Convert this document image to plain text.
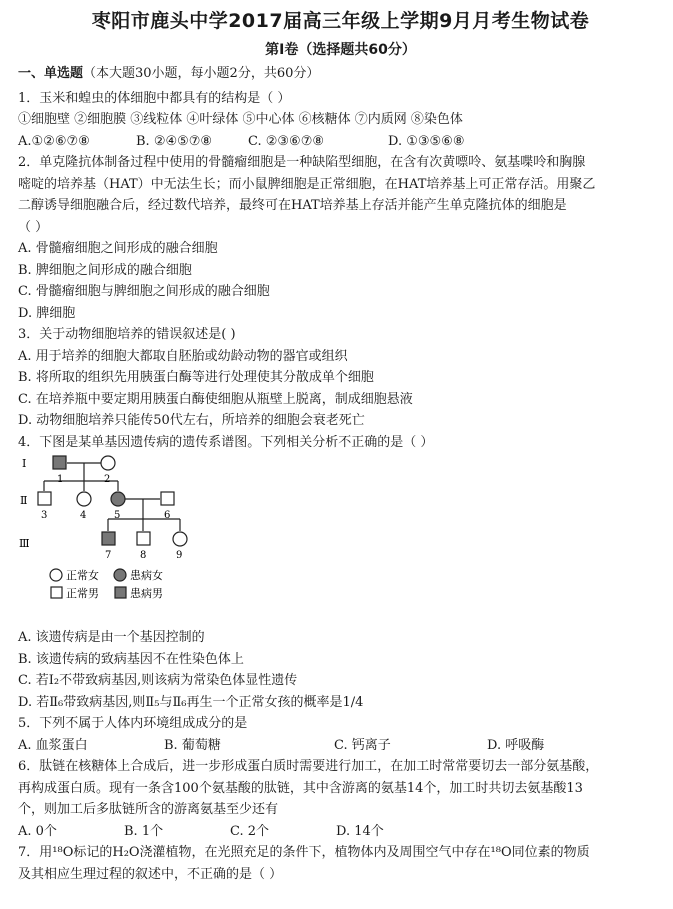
枣阳市鹿头中学2017届高三年级上学期9月月考生物试卷
第Ⅰ卷（选择题共60分）
一、单选题（本大题30小题，每小题2分，共60分）
1．玉米和蝗虫的体细胞中都具有的结构是（ ）
①细胞壁 ②细胞膜 ③线粒体 ④叶绿体 ⑤中心体 ⑥核糖体 ⑦内质网 ⑧染色体
A.①②⑥⑦⑧	B. ②④⑤⑦⑧	C. ②③⑥⑦⑧	D. ①③⑤⑥⑧
2．单克隆抗体制备过程中使用的骨髓瘤细胞是一种缺陷型细胞，在含有次黄嘌呤、氨基喋呤和胸腺
嘧啶的培养基（HAT）中无法生长；而小鼠脾细胞是正常细胞，在HAT培养基上可正常存活。用聚乙
二醇诱导细胞融合后，经过数代培养，最终可在HAT培养基上存活并能产生单克隆抗体的细胞是
（ ）
A. 骨髓瘤细胞之间形成的融合细胞
B. 脾细胞之间形成的融合细胞
C. 骨髓瘤细胞与脾细胞之间形成的融合细胞
D. 脾细胞
3．关于动物细胞培养的错误叙述是( )
A. 用于培养的细胞大都取自胚胎或幼龄动物的器官或组织
B. 将所取的组织先用胰蛋白酶等进行处理使其分散成单个细胞
C. 在培养瓶中要定期用胰蛋白酶使细胞从瓶壁上脱离，制成细胞悬液
D. 动物细胞培养只能传50代左右，所培养的细胞会衰老死亡
4．下图是某单基因遗传病的遗传系谱图。下列相关分析不正确的是（ ）
Ⅰ
Ⅱ
Ⅲ
1	2
3	4	5	6
7	8	9
正常女	患病女
正常男	患病男
A. 该遗传病是由一个基因控制的
B. 该遗传病的致病基因不在性染色体上
C. 若Ⅰ₂不带致病基因,则该病为常染色体显性遗传
D. 若Ⅱ₆带致病基因,则Ⅱ₅与Ⅱ₆再生一个正常女孩的概率是1/4
5．下列不属于人体内环境组成成分的是
A. 血浆蛋白	B. 葡萄糖	C. 钙离子	D. 呼吸酶
6．肽链在核糖体上合成后，进一步形成蛋白质时需要进行加工，在加工时常常要切去一部分氨基酸，
再构成蛋白质。现有一条含100个氨基酸的肽链，其中含游离的氨基14个，加工时共切去氨基酸13
个，则加工后多肽链所含的游离氨基至少还有
A. 0个	B. 1个	C. 2个	D. 14个
7．用¹⁸O标记的H₂O浇灌植物，在光照充足的条件下，植物体内及周围空气中存在¹⁸O同位素的物质
及其相应生理过程的叙述中，不正确的是（ ）
